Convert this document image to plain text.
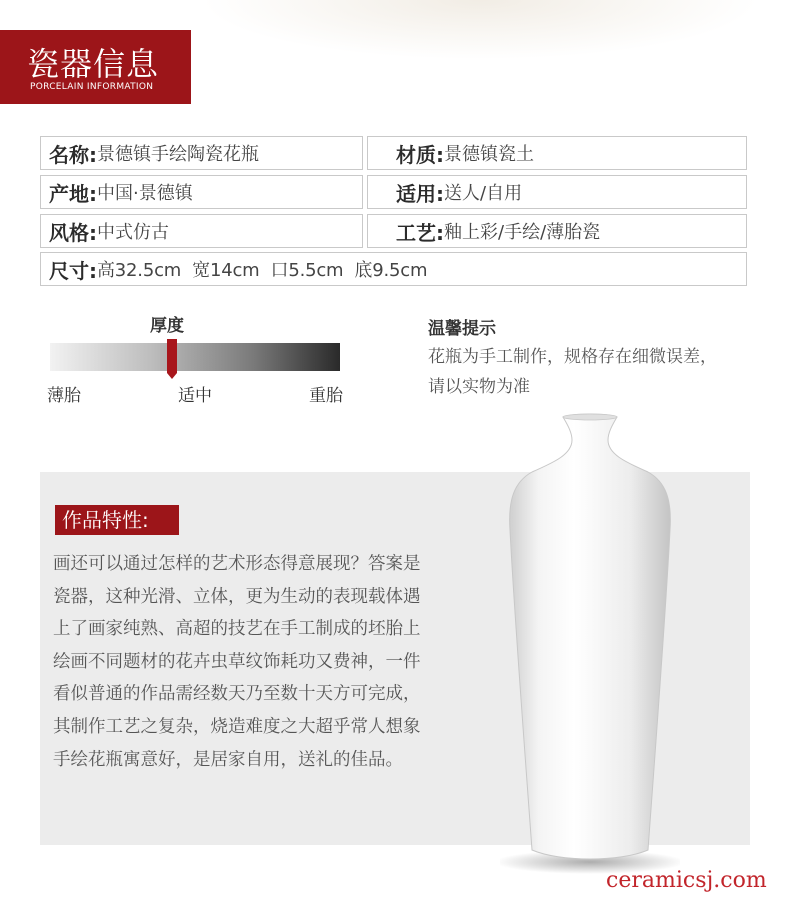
瓷器信息
PORCELAIN INFORMATION
名称: 景德镇手绘陶瓷花瓶	材质: 景德镇瓷土
产地: 中国·景德镇	适用: 送人/自用
风格: 中式仿古	工艺: 釉上彩/手绘/薄胎瓷
尺寸: 高32.5cm  宽14cm  口5.5cm  底9.5cm
厚度
薄胎	适中	重胎
温馨提示
花瓶为手工制作，规格存在细微误差，请以实物为准
作品特性:
画还可以通过怎样的艺术形态得意展现？答案是瓷器，这种光滑、立体，更为生动的表现载体遇上了画家纯熟、高超的技艺在手工制成的坯胎上绘画不同题材的花卉虫草纹饰耗功又费神，一件看似普通的作品需经数天乃至数十天方可完成，其制作工艺之复杂，烧造难度之大超乎常人想象手绘花瓶寓意好，是居家自用，送礼的佳品。
ceramicsj.com
